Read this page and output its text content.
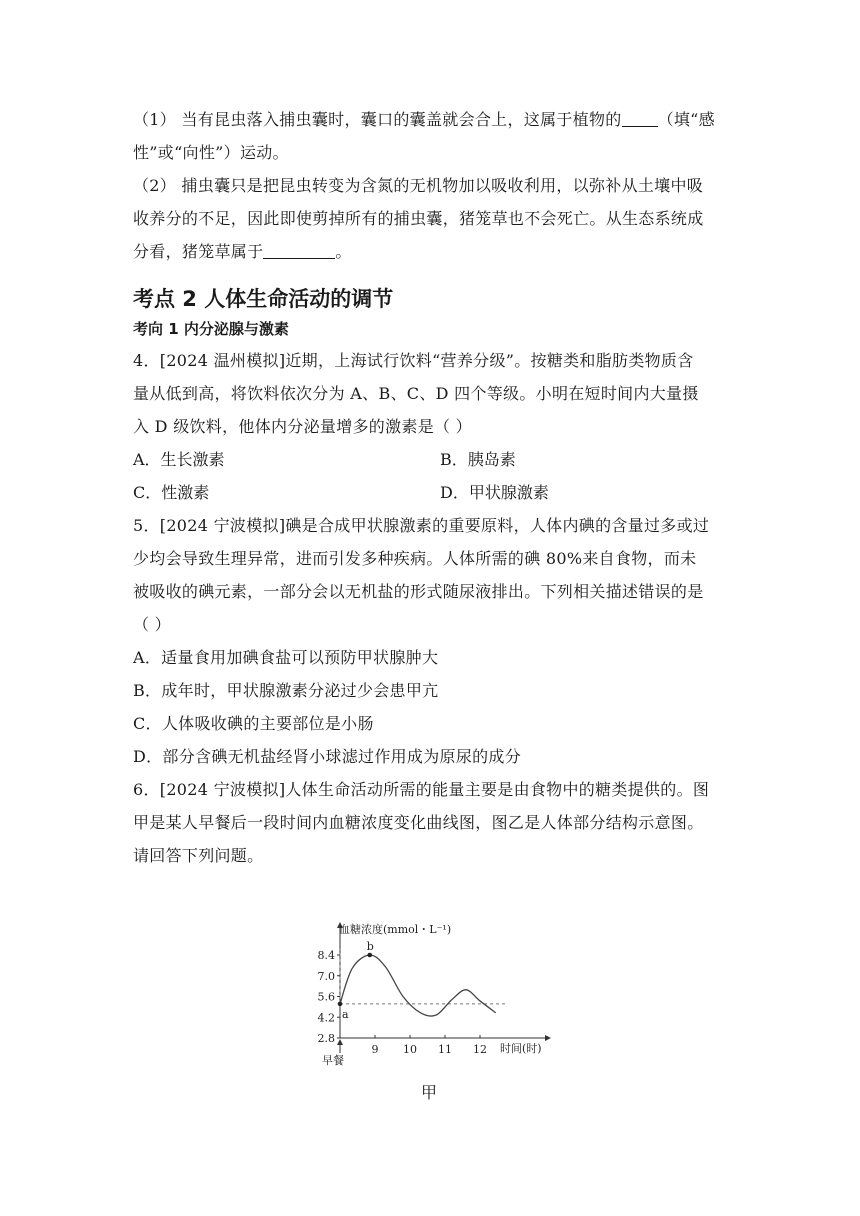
（1） 当有昆虫落入捕虫囊时，囊口的囊盖就会合上，这属于植物的 （填“感

性”或“向性”）运动。

（2） 捕虫囊只是把昆虫转变为含氮的无机物加以吸收利用，以弥补从土壤中吸

收养分的不足，因此即使剪掉所有的捕虫囊，猪笼草也不会死亡。从生态系统成

分看，猪笼草属于	。

考点 2 人体生命活动的调节
考向 1 内分泌腺与激素

4．[2024 温州模拟]近期，上海试行饮料“营养分级”。按糖类和脂肪类物质含

量从低到高，将饮料依次分为 A、B、C、D 四个等级。小明在短时间内大量摄

入 D 级饮料，他体内分泌量增多的激素是（ ）

A．生长激素	B．胰岛素
C．性激素	D．甲状腺激素

5．[2024 宁波模拟]碘是合成甲状腺激素的重要原料，人体内碘的含量过多或过

少均会导致生理异常，进而引发多种疾病。人体所需的碘 80%来自食物，而未

被吸收的碘元素，一部分会以无机盐的形式随尿液排出。下列相关描述错误的是

（ ）

A．适量食用加碘食盐可以预防甲状腺肿大

B．成年时，甲状腺激素分泌过少会患甲亢

C．人体吸收碘的主要部位是小肠

D．部分含碘无机盐经肾小球滤过作用成为原尿的成分

6．[2024 宁波模拟]人体生命活动所需的能量主要是由食物中的糖类提供的。图

甲是某人早餐后一段时间内血糖浓度变化曲线图，图乙是人体部分结构示意图。

请回答下列问题。

8.4
7.0
5.6
4.2
2.8
9 10 11 12
a
b
血糖浓度(mmol・L⁻¹)
时间(时)
早餐
甲
